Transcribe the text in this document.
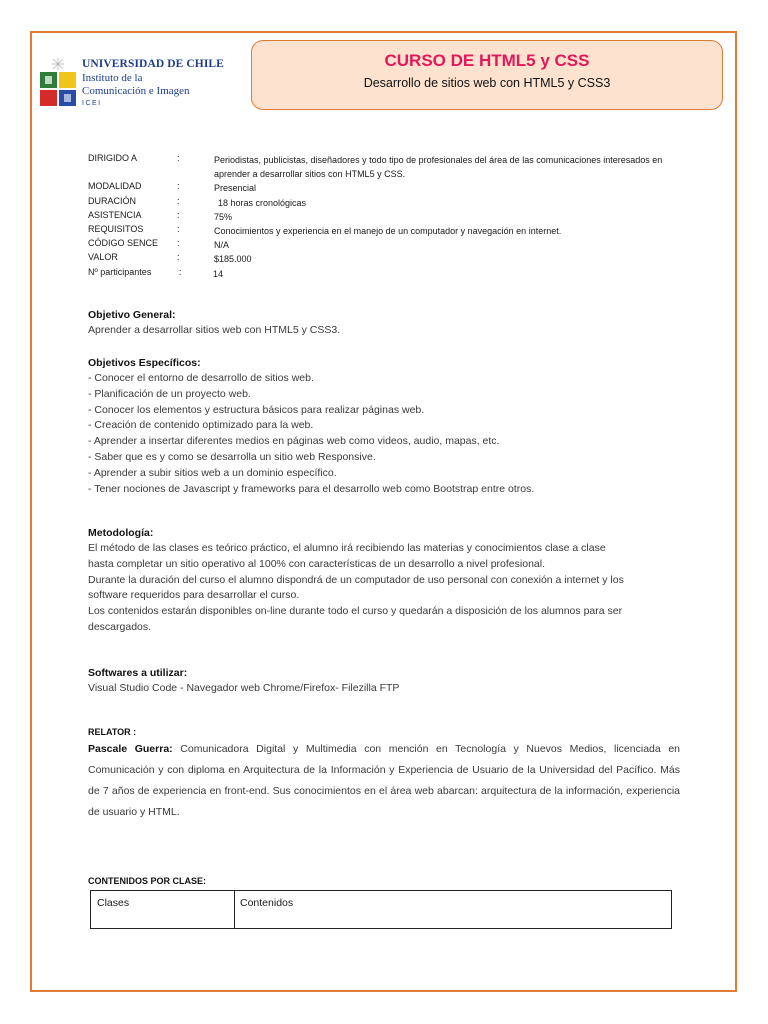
UNIVERSIDAD DE CHILE
Instituto de la
Comunicación e Imagen
ICEI
CURSO DE HTML5 y CSS
Desarrollo de sitios web con HTML5 y CSS3
DIRIGIDO A	:	Periodistas, publicistas, diseñadores y todo tipo de profesionales del área de las comunicaciones interesados en aprender a desarrollar sitios con HTML5 y CSS.
MODALIDAD	:	Presencial
DURACIÓN	:	18 horas cronológicas
ASISTENCIA	:	75%
REQUISITOS	:	Conocimientos y experiencia en el manejo de un computador y navegación en internet.
CÓDIGO SENCE :	N/A
VALOR	:	$185.000
Nº participantes	:	14
Objetivo General:

Aprender a desarrollar sitios web con HTML5 y CSS3.

Objetivos Específicos:

- Conocer el entorno de desarrollo de sitios web.

- Planificación de un proyecto web.

- Conocer los elementos y estructura básicos para realizar páginas web.

- Creación de contenido optimizado para la web.

- Aprender a insertar diferentes medios en páginas web como videos, audio, mapas, etc.

- Saber que es y como se desarrolla un sitio web Responsive.

- Aprender a subir sitios web a un dominio específico.

- Tener nociones de Javascript y frameworks para el desarrollo web como Bootstrap entre otros.

Metodología:

El método de las clases es teórico práctico, el alumno irá recibiendo las materias y conocimientos clase a clase

hasta completar un sitio operativo al 100% con características de un desarrollo a nivel profesional.

Durante la duración del curso el alumno dispondrá de un computador de uso personal con conexión a internet y los

software requeridos para desarrollar el curso.

Los contenidos estarán disponibles on-line durante todo el curso y quedarán a disposición de los alumnos para ser

descargados.

Softwares a utilizar:

Visual Studio Code - Navegador web Chrome/Firefox- Filezilla FTP

RELATOR :
Pascale Guerra: Comunicadora Digital y Multimedia con mención en Tecnología y Nuevos Medios, licenciada en Comunicación y con diploma en Arquitectura de la Información y Experiencia de Usuario de la Universidad del Pacífico. Más de 7 años de experiencia en front-end. Sus conocimientos en el área web abarcan: arquitectura de la información, experiencia de usuario y HTML.
CONTENIDOS POR CLASE:
Clases	Contenidos
